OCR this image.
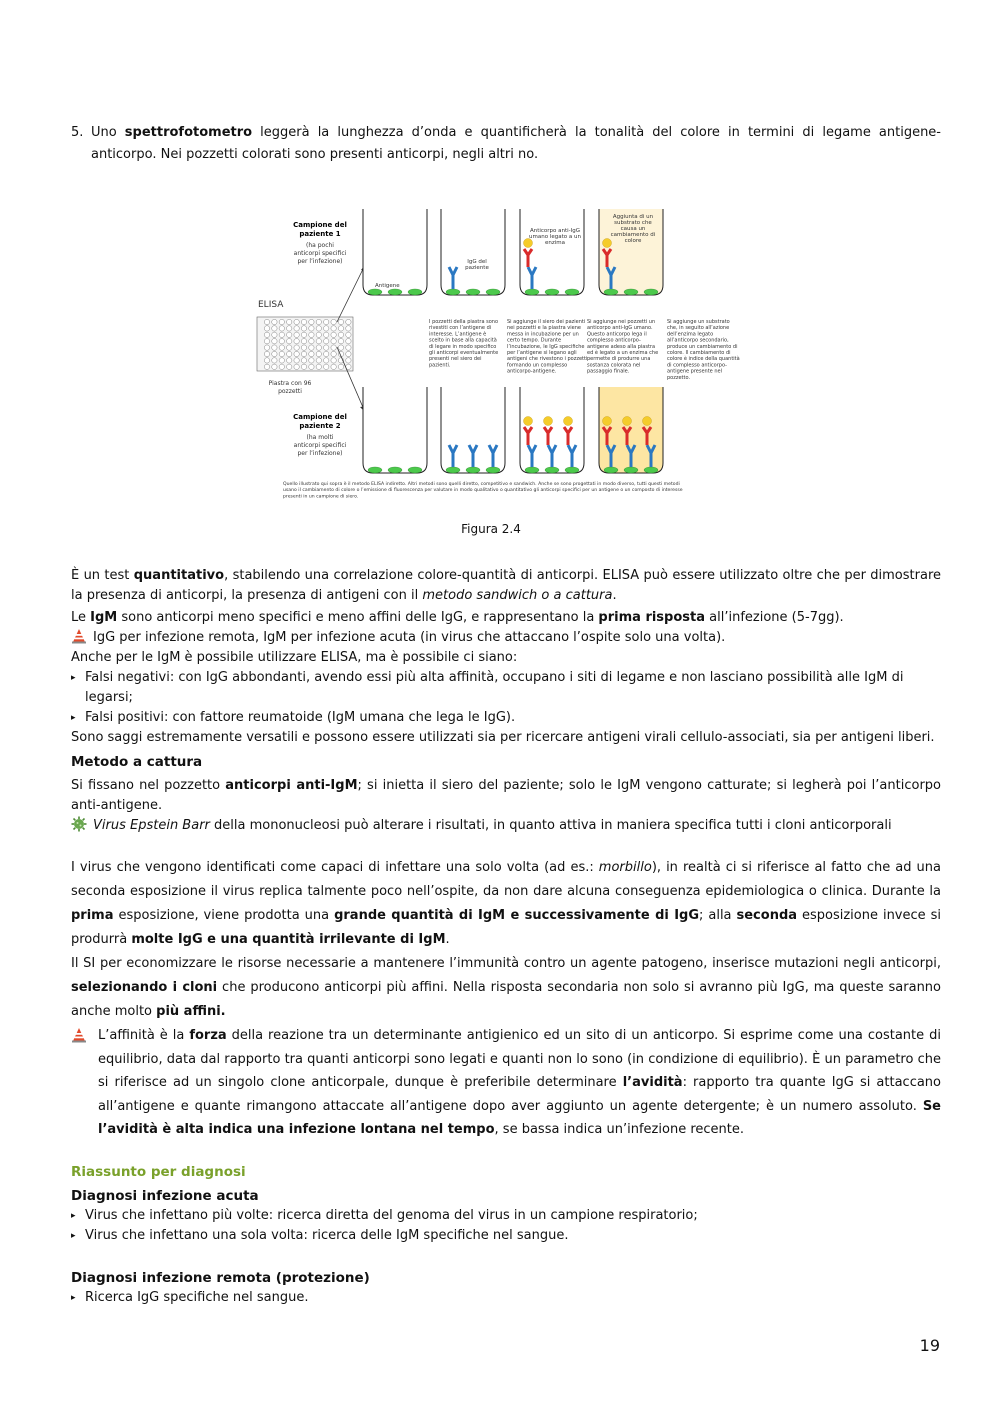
5. Uno spettrofotometro leggerà la lunghezza d’onda e quantificherà la tonalità del colore in termini di legame antigene-anticorpo. Nei pozzetti colorati sono presenti anticorpi, negli altri no.

Campione del paziente 1
(ha pochi anticorpi specifici per l’infezione)
ELISA
Piastra con 96 pozzetti
Antigene
IgG del paziente
Anticorpo anti-IgG umano legato a un enzima
Aggiunta di un substrato che causa un cambiamento di colore
I pozzetti della piastra sono rivestiti con l’antigene di interesse. L’antigene è scelto in base alla capacità di legare in modo specifico gli anticorpi eventualmente presenti nel siero dei pazienti.
Si aggiunge il siero dei pazienti nei pozzetti e la piastra viene messa in incubazione per un certo tempo. Durante l’incubazione, le IgG specifiche per l’antigene si legano agli antigeni che rivestono i pozzetti formando un complesso anticorpo-antigene.
Si aggiunge nei pozzetti un anticorpo anti-IgG umano. Questo anticorpo lega il complesso anticorpo-antigene adeso alla piastra ed è legato a un enzima che permette di produrre una sostanza colorata nel passaggio finale.
Si aggiunge un substrato che, in seguito all’azione dell’enzima legato all’anticorpo secondario, produce un cambiamento di colore. Il cambiamento di colore è indice della quantità di complesso anticorpo-antigene presente nel pozzetto.
Campione del paziente 2
(ha molti anticorpi specifici per l’infezione)
Quello illustrato qui sopra è il metodo ELISA indiretto. Altri metodi sono quelli diretto, competitivo e sandwich. Anche se sono progettati in modo diverso, tutti questi metodi usano il cambiamento di colore o l’emissione di fluorescenza per valutare in modo qualitativo o quantitativo gli anticorpi specifici per un antigene o un composto di interesse presenti in un campione di siero.

Figura 2.4

È un test quantitativo, stabilendo una correlazione colore-quantità di anticorpi. ELISA può essere utilizzato oltre che per dimostrare la presenza di anticorpi, la presenza di antigeni con il metodo sandwich o a cattura.

Le IgM sono anticorpi meno specifici e meno affini delle IgG, e rappresentano la prima risposta all’infezione (5-7gg).

IgG per infezione remota, IgM per infezione acuta (in virus che attaccano l’ospite solo una volta).

Anche per le IgM è possibile utilizzare ELISA, ma è possibile ci siano:

▸ Falsi negativi: con IgG abbondanti, avendo essi più alta affinità, occupano i siti di legame e non lasciano possibilità alle IgM di legarsi;

▸ Falsi positivi: con fattore reumatoide (IgM umana che lega le IgG).

Sono saggi estremamente versatili e possono essere utilizzati sia per ricercare antigeni virali cellulo-associati, sia per antigeni liberi.

Metodo a cattura

Si fissano nel pozzetto anticorpi anti-IgM; si inietta il siero del paziente; solo le IgM vengono catturate; si legherà poi l’anticorpo anti-antigene.

Virus Epstein Barr della mononucleosi può alterare i risultati, in quanto attiva in maniera specifica tutti i cloni anticorporali

I virus che vengono identificati come capaci di infettare una solo volta (ad es.: morbillo), in realtà ci si riferisce al fatto che ad una seconda esposizione il virus replica talmente poco nell’ospite, da non dare alcuna conseguenza epidemiologica o clinica. Durante la prima esposizione, viene prodotta una grande quantità di IgM e successivamente di IgG; alla seconda esposizione invece si produrrà molte IgG e una quantità irrilevante di IgM.

Il SI per economizzare le risorse necessarie a mantenere l’immunità contro un agente patogeno, inserisce mutazioni negli anticorpi, selezionando i cloni che producono anticorpi più affini. Nella risposta secondaria non solo si avranno più IgG, ma queste saranno anche molto più affini.

L’affinità è la forza della reazione tra un determinante antigienico ed un sito di un anticorpo. Si esprime come una costante di equilibrio, data dal rapporto tra quanti anticorpi sono legati e quanti non lo sono (in condizione di equilibrio). È un parametro che si riferisce ad un singolo clone anticorpale, dunque è preferibile determinare l’avidità: rapporto tra quante IgG si attaccano all’antigene e quante rimangono attaccate all’antigene dopo aver aggiunto un agente detergente; è un numero assoluto. Se l’avidità è alta indica una infezione lontana nel tempo, se bassa indica un’infezione recente.

Riassunto per diagnosi

Diagnosi infezione acuta

▸ Virus che infettano più volte: ricerca diretta del genoma del virus in un campione respiratorio;

▸ Virus che infettano una sola volta: ricerca delle IgM specifiche nel sangue.

Diagnosi infezione remota (protezione)

▸ Ricerca IgG specifiche nel sangue.

19
